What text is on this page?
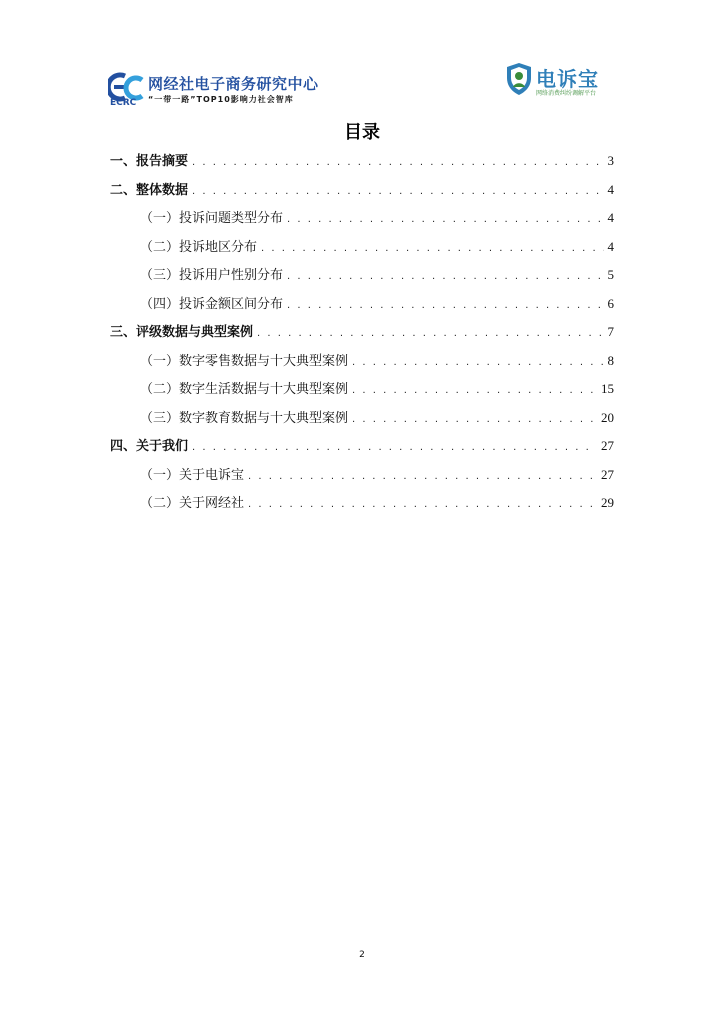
ECRC
网经社电子商务研究中心
“一带一路”TOP10影响力社会智库
电诉宝
网络消费纠纷调解平台
目录
一、报告摘要 . . .	3
二、整体数据 . . .	4
（一）投诉问题类型分布 . . .	4
（二）投诉地区分布 . . .	4
（三）投诉用户性别分布 . . .	5
（四）投诉金额区间分布 . . .	6
三、评级数据与典型案例 . . .	7
（一）数字零售数据与十大典型案例 . . .	8
（二）数字生活数据与十大典型案例 . . .	15
（三）数字教育数据与十大典型案例 . . .	20
四、关于我们 . . .	27
（一）关于电诉宝 . . .	27
（二）关于网经社 . . .	29
2
